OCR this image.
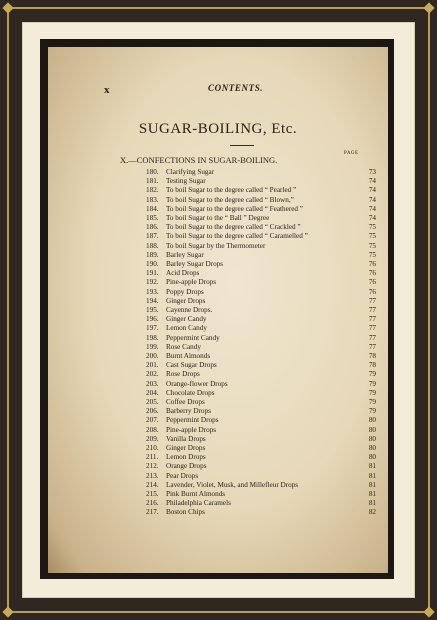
x	CONTENTS.
SUGAR-BOILING, Etc.
PAGE
X.—CONFECTIONS IN SUGAR-BOILING.
180.	Clarifying Sugar	73
181.	Testing Sugar	74
182.	To boil Sugar to the degree called “ Pearled ”	74
183.	To boil Sugar to the degree called “ Blown,”	74
184.	To boil Sugar to the degree called “ Feathered ”	74
185.	To boil Sugar to the “ Ball ” Degree	74
186.	To boil Sugar to the degree called “ Crackled ”	75
187.	To boil Sugar to the degree called “ Caramelled ”	75
188.	To boil Sugar by the Thermometer	75
189.	Barley Sugar	75
190.	Barley Sugar Drops	76
191.	Acid Drops	76
192.	Pine-apple Drops	76
193.	Poppy Drops	76
194.	Ginger Drops	77
195.	Cayenne Drops.	77
196.	Ginger Candy	77
197.	Lemon Candy	77
198.	Peppermint Candy	77
199.	Rose Candy	77
200.	Burnt Almonds	78
201.	Cast Sugar Drops	78
202.	Rose Drops	79
203.	Orange-flower Drops	79
204.	Chocolate Drops	79
205.	Coffee Drops	79
206.	Barberry Drops	79
207.	Peppermint Drops	80
208.	Pine-apple Drops	80
209.	Vanilla Drops	80
210.	Ginger Drops	80
211.	Lemon Drops	80
212.	Orange Drops	81
213.	Pear Drops	81
214.	Lavender, Violet, Musk, and Millefleur Drops	81
215.	Pink Burnt Almonds	81
216.	Philadelphia Caramels	81
217.	Boston Chips	82
